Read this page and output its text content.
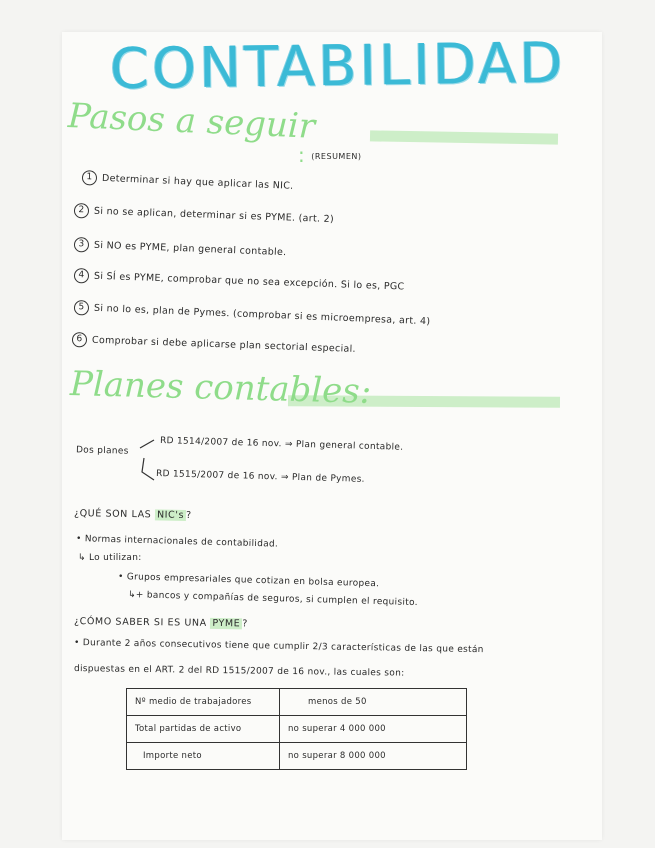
CONTABILIDAD
Pasos a seguir
: (RESUMEN)
1 Determinar si hay que aplicar las NIC.
2 Si no se aplican, determinar si es PYME. (art. 2)
3 Si NO es PYME, plan general contable.
4 Si SÍ es PYME, comprobar que no sea excepción. Si lo es, PGC
5 Si no lo es, plan de Pymes. (comprobar si es microempresa, art. 4)
6 Comprobar si debe aplicarse plan sectorial especial.
Planes contables:
Dos planes	RD 1514/2007 de 16 nov. ⇒ Plan general contable.
RD 1515/2007 de 16 nov. ⇒ Plan de Pymes.
¿QUÉ SON LAS NIC's ?
• Normas internacionales de contabilidad.
↳ Lo utilizan:
• Grupos empresariales que cotizan en bolsa europea.
↳+ bancos y compañías de seguros, si cumplen el requisito.
¿CÓMO SABER SI ES UNA PYME ?
• Durante 2 años consecutivos tiene que cumplir 2/3 características de las que están
dispuestas en el ART. 2 del RD 1515/2007 de 16 nov., las cuales son:
Nº medio de trabajadores	menos de 50
Total partidas de activo	no superar 4 000 000
Importe neto	no superar 8 000 000
